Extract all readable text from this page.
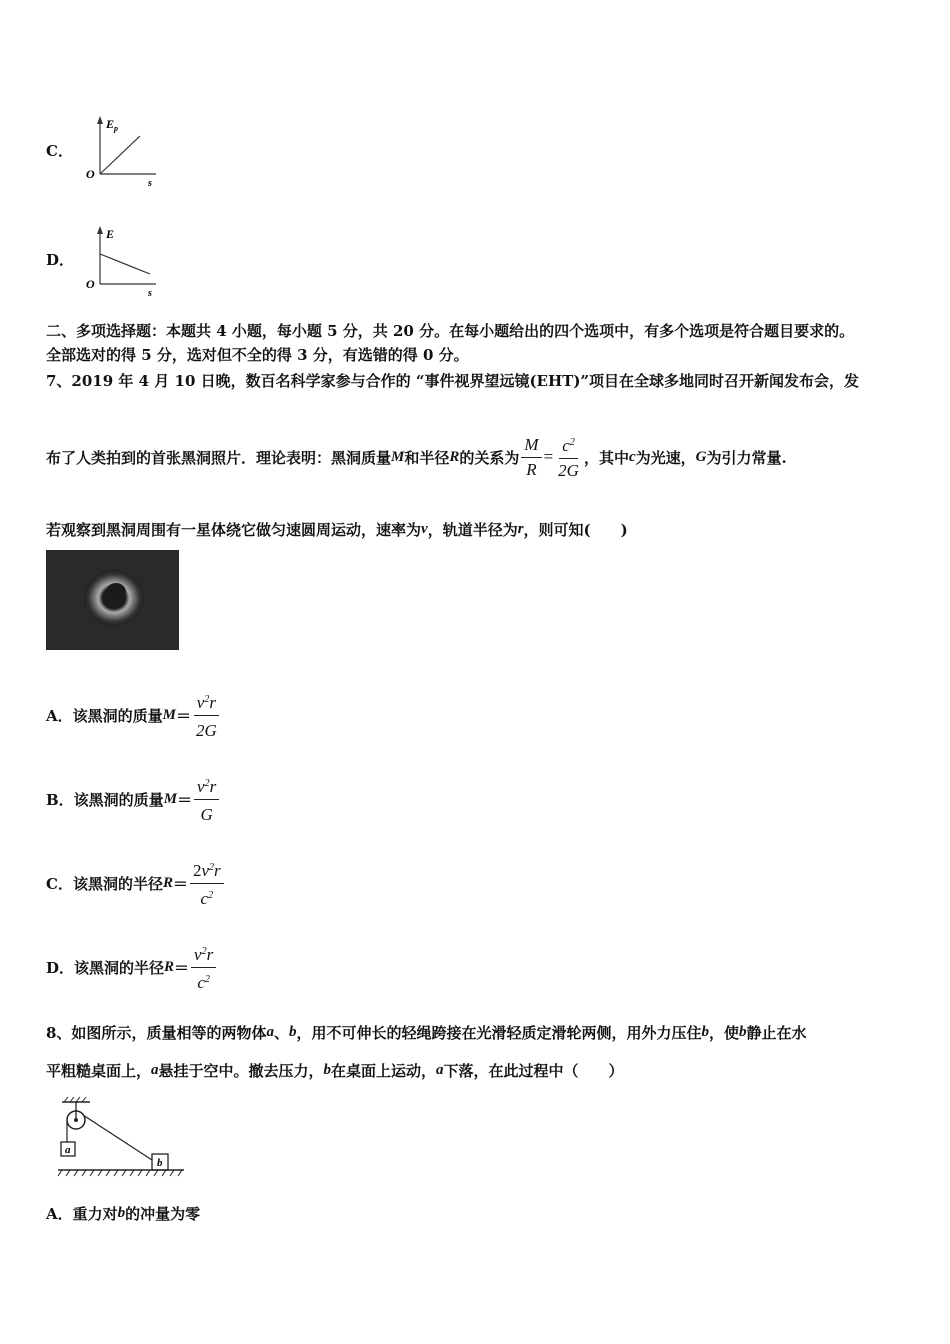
C．
$E_p$
O
s
D．
E
O
s
二、多项选择题：本题共 4 小题，每小题 5 分，共 20 分。在每小题给出的四个选项中，有多个选项是符合题目要求的。
全部选对的得 5 分，选对但不全的得 3 分，有选错的得 0 分。
7、2019 年 4 月 10 日晚，数百名科学家参与合作的 “事件视界望远镜(EHT)”项目在全球多地同时召开新闻发布会，发
布了人类拍到的首张黑洞照片．理论表明：黑洞质量 M 和半径 R 的关系为 $\frac{M}{R} = \frac{c^2}{2G}$ ，其中 c 为光速， G 为引力常量.
若观察到黑洞周围有一星体绕它做匀速圆周运动，速率为 v ，轨道半径为 r ，则可知(　　)
A．该黑洞的质量 $M = \frac{v^2r}{2G}$
B．该黑洞的质量 $M = \frac{v^2r}{G}$
C．该黑洞的半径 $R = \frac{2v^2r}{c^2}$
D．该黑洞的半径 $R = \frac{v^2r}{c^2}$
8、如图所示，质量相等的两物体 a 、 b ，用不可伸长的轻绳跨接在光滑轻质定滑轮两侧，用外力压住 b ，使 b 静止在水
平粗糙桌面上， a 悬挂于空中。撤去压力， b 在桌面上运动， a 下落，在此过程中（　　）
a
b
A．重力对 b 的冲量为零
